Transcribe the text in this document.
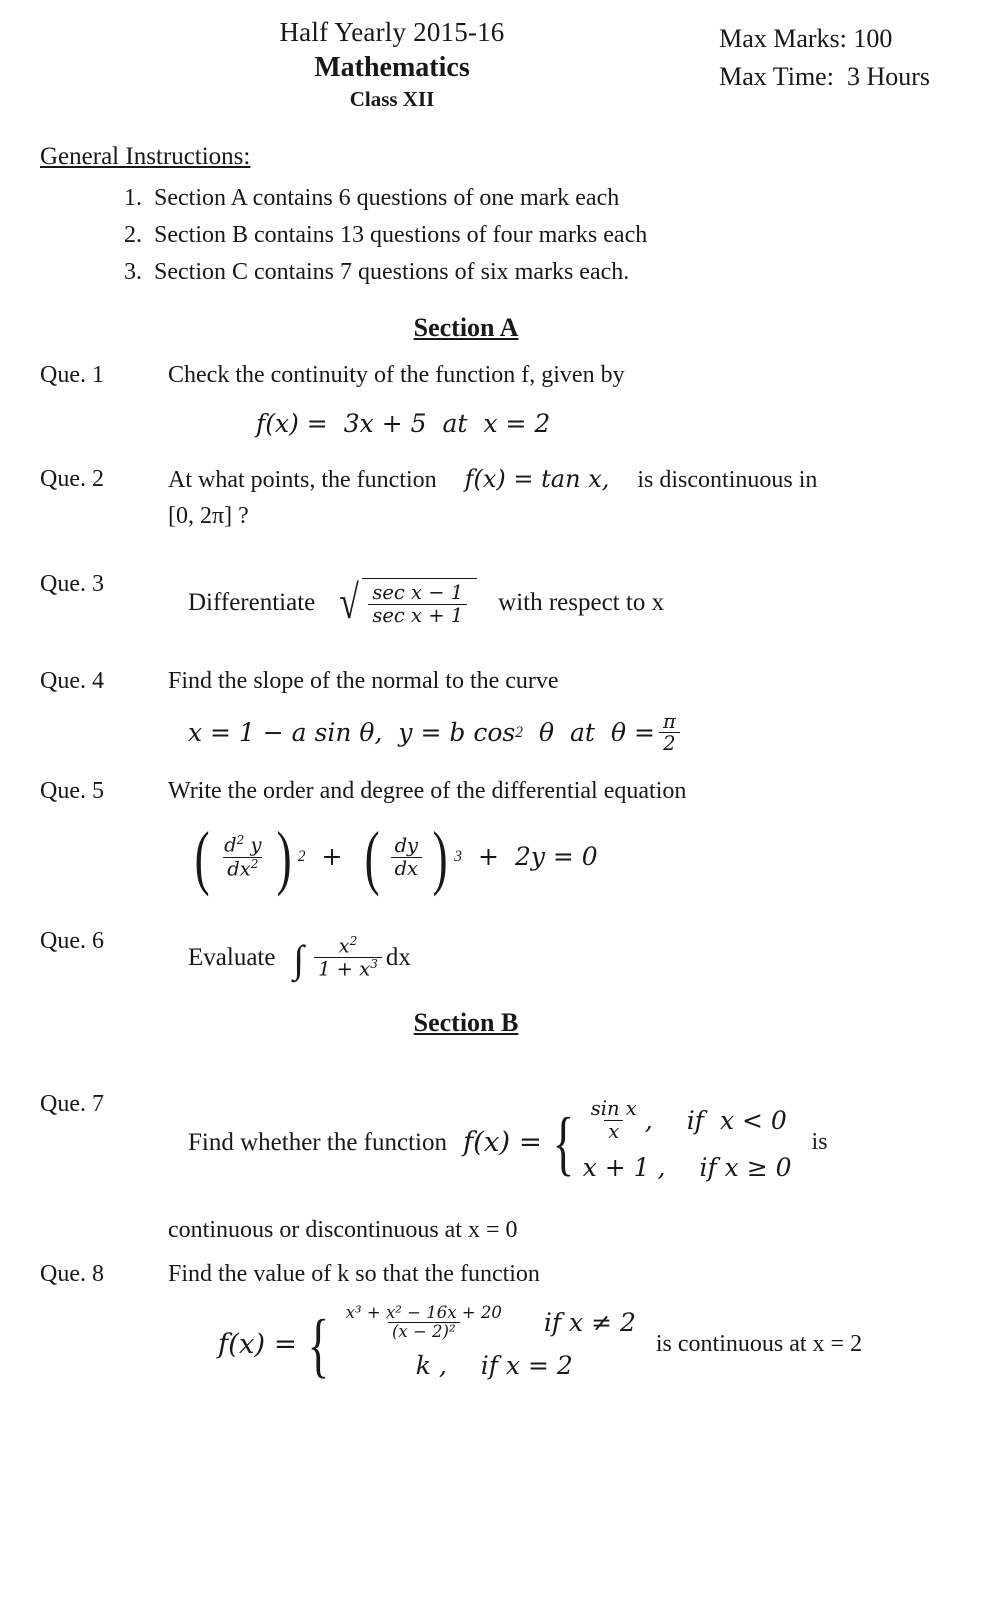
Half Yearly 2015-16
Mathematics
Class XII
Max Marks: 100
Max Time:  3 Hours
General Instructions:
1. Section A contains 6 questions of one mark each
2. Section B contains 13 questions of four marks each
3. Section C contains 7 questions of six marks each.
Section A
Que. 1	Check the continuity of the function f, given by
f(x) = 3x + 5 at x = 2
Que. 2	At what points, the function f(x) = tan x, is discontinuous in
[0, 2π] ?
Que. 3
Differentiate √ $\frac{\text{sec x − 1}}{\text{sec x + 1}}$ with respect to x
Que. 4	Find the slope of the normal to the curve
x = 1 − a sin θ, y = b cos 2 θ at $\theta = \frac{\pi}{2}$
Que. 5	Write the order and degree of the differential equation
( $\frac{d^2 y}{dx^2}$ ) 2 + ( $\frac{dy}{dx}$ ) 3 + 2y = 0
Que. 6
Evaluate ∫ $\frac{x^2}{1 + x^3}$ dx
Section B
Que. 7
Find whether the function f(x) = { $\frac{\text{sin x}}{x}$ ,	if x < 0
x + 1 ,	if x ≥ 0
is
continuous or discontinuous at x = 0
Que. 8	Find the value of k so that the function
f(x) = { $\frac{\text{x³ + x² − 16x + 20}}{\text{(x − 2)²}}$	if x ≠ 2
k ,	if x = 2
is continuous at x = 2
